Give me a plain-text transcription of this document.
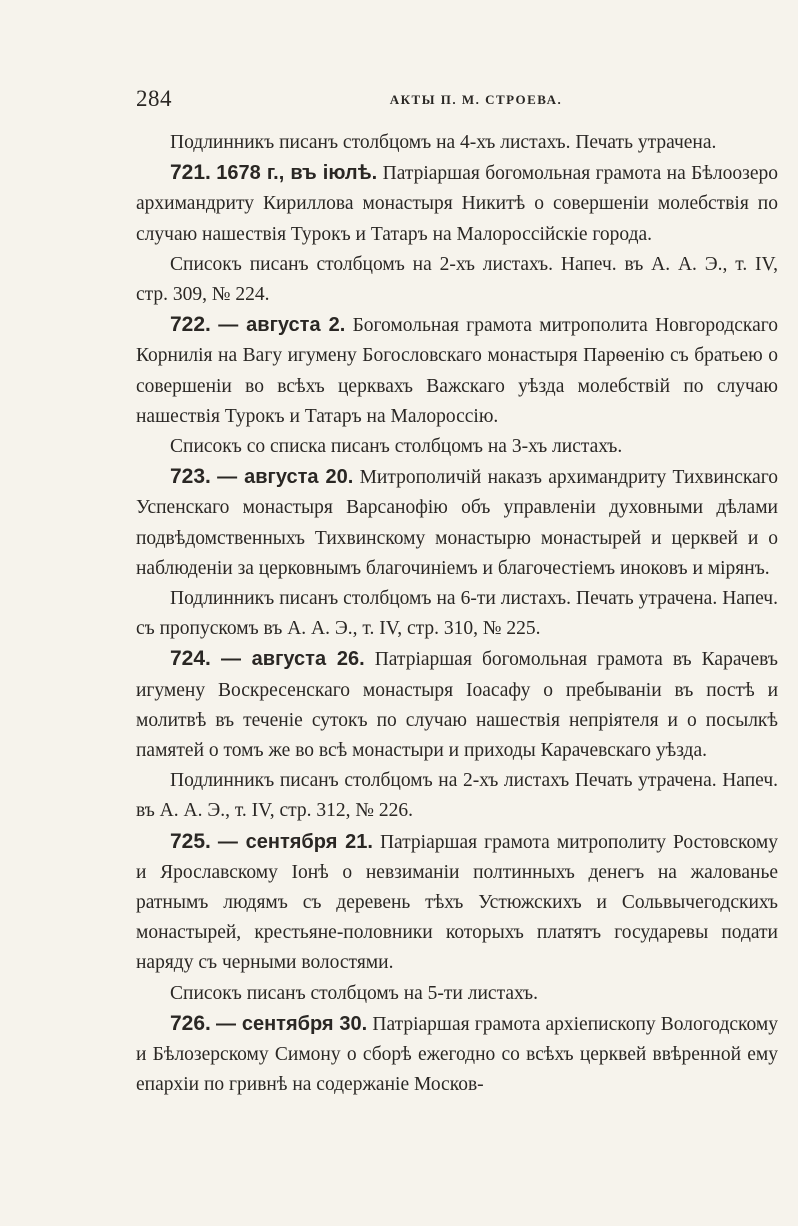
284	АКТЫ П. М. СТРОЕВА.

Подлинникъ писанъ столбцомъ на 4-хъ листахъ. Печать утрачена.

721. 1678 г., въ iюлѣ. Патрiаршая богомольная грамота на Бѣлоозеро архимандриту Кириллова монастыря Никитѣ о совершенiи молебствiя по случаю нашествiя Турокъ и Татаръ на Малороссiйскiе города.

Списокъ писанъ столбцомъ на 2-хъ листахъ. Напеч. въ А. А. Э., т. IV, стр. 309, № 224.

722. — августа 2. Богомольная грамота митрополита Новгородскаго Корнилiя на Вагу игумену Богословскаго монастыря Парѳенiю съ братьею о совершенiи во всѣхъ церквахъ Важскаго уѣзда молебствiй по случаю нашествiя Турокъ и Татаръ на Малороссiю.

Списокъ со списка писанъ столбцомъ на 3-хъ листахъ.

723. — августа 20. Митрополичiй наказъ архимандриту Тихвинскаго Успенскаго монастыря Варсанофiю объ управленiи духовными дѣлами подвѣдомственныхъ Тихвинскому монастырю монастырей и церквей и о наблюденiи за церковнымъ благочинiемъ и благочестiемъ иноковъ и мiрянъ.

Подлинникъ писанъ столбцомъ на 6-ти листахъ. Печать утрачена. Напеч. съ пропускомъ въ А. А. Э., т. IV, стр. 310, № 225.

724. — августа 26. Патрiаршая богомольная грамота въ Карачевъ игумену Воскресенскаго монастыря Iоасафу о пребыванiи въ постѣ и молитвѣ въ теченiе сутокъ по случаю нашествiя непрiятеля и о посылкѣ памятей о томъ же во всѣ монастыри и приходы Карачевскаго уѣзда.

Подлинникъ писанъ столбцомъ на 2-хъ листахъ Печать утрачена. Напеч. въ А. А. Э., т. IV, стр. 312, № 226.

725. — сентября 21. Патрiаршая грамота митрополиту Ростовскому и Ярославскому Iонѣ о невзиманiи полтинныхъ денегъ на жалованье ратнымъ людямъ съ деревень тѣхъ Устюжскихъ и Сольвычегодскихъ монастырей, крестьяне-половники которыхъ платятъ государевы подати наряду съ черными волостями.

Списокъ писанъ столбцомъ на 5-ти листахъ.

726. — сентября 30. Патрiаршая грамота архiепископу Вологодскому и Бѣлозерскому Симону о сборѣ ежегодно со всѣхъ церквей ввѣренной ему епархiи по гривнѣ на содержанiе Москов-
